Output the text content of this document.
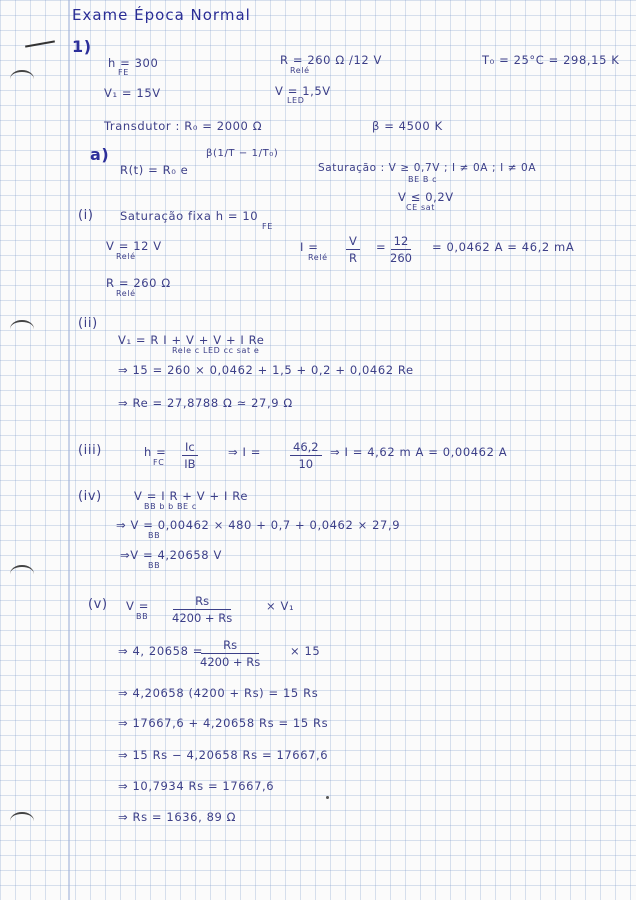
Exame Época Normal
1)
h = 300
FE
R = 260 Ω /12 V
Relé
T₀ = 25°C = 298,15 K
V₁ = 15V	V = 1,5V
LED
Transdutor : R₀ = 2000 Ω	β = 4500 K
a)
R(t) = R₀ e
β(1/T − 1/T₀)
Saturação : V ≥ 0,7V ; I ≠ 0A ; I ≠ 0A
BE B c
V ≤ 0,2V
CE sat
(i) Saturação fixa h = 10
FE
V = 12 V
Relé
I =
Relé $\frac{V}{R} = \frac{12}{260} = 0,0462$ A = 46,2 mA
R = 260 Ω
Relé
(ii)
V₁ = R I + V + V + I Re
Rele c LED cc sat e
⇒ 15 = 260 × 0,0462 + 1,5 + 0,2 + 0,0462 Re
⇒ Re = 27,8788 Ω ≃ 27,9 Ω
(iii)	h =
FC $\frac{Ic}{IB}$	⇒ I =	$\frac{46,2}{10}$ ⇒ I = 4,62 m A = 0,00462 A
(iv)	V = I R + V + I Re
BB b b BE c
⇒ V = 0,00462 × 480 + 0,7 + 0,0462 × 27,9
BB
⇒V = 4,20658 V
BB
(v) V =
BB $\frac{Rs}{4200 + Rs}$	× V₁
⇒ 4, 20658 =
$\frac{Rs}{4200 + Rs}$	× 15
⇒ 4,20658 (4200 + Rs) = 15 Rs
⇒ 17667,6 + 4,20658 Rs = 15 Rs
⇒ 15 Rs − 4,20658 Rs = 17667,6
⇒ 10,7934 Rs = 17667,6
⇒ Rs = 1636, 89 Ω
